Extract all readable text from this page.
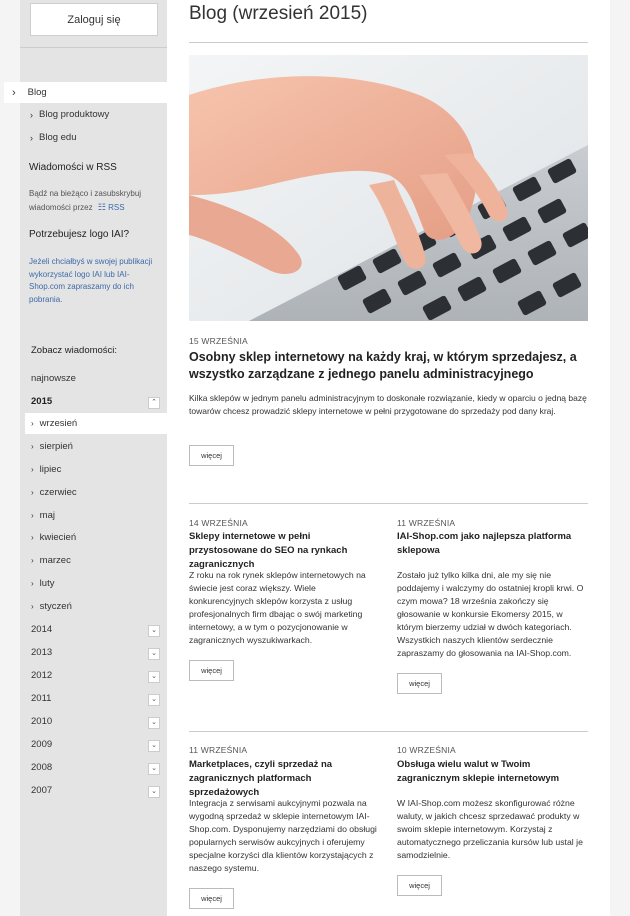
Zaloguj się
› Blog
› Blog produktowy
› Blog edu
Wiadomości w RSS
Bądź na bieżąco i zasubskrybuj
wiadomości przez ☷ RSS
Potrzebujesz logo IAI?
Jeżeli chciałbyś w swojej publikacji wykorzystać logo IAI lub IAI-Shop.com zapraszamy do ich pobrania.
Zobacz wiadomości:
najnowsze
2015	⌃
› wrzesień
› sierpień
› lipiec
› czerwiec
› maj
› kwiecień
› marzec
› luty
› styczeń
2014	⌄
2013	⌄
2012	⌄
2011	⌄
2010	⌄
2009	⌄
2008	⌄
2007	⌄
Blog (wrzesień 2015)
15 WRZEŚNIA
Osobny sklep internetowy na każdy kraj, w którym sprzedajesz, a wszystko zarządzane z jednego panelu administracyjnego
Kilka sklepów w jednym panelu administracyjnym to doskonałe rozwiązanie, kiedy w oparciu o jedną bazę towarów chcesz prowadzić sklepy internetowe w pełni przygotowane do sprzedaży pod dany kraj.
więcej
14 WRZEŚNIA
Sklepy internetowe w pełni przystosowane do SEO na rynkach zagranicznych
Z roku na rok rynek sklepów internetowych na świecie jest coraz większy. Wiele konkurencyjnych sklepów korzysta z usług profesjonalnych firm dbając o swój marketing internetowy, a w tym o pozycjonowanie w zagranicznych wyszukiwarkach.
więcej
11 WRZEŚNIA
IAI-Shop.com jako najlepsza platforma sklepowa
Zostało już tylko kilka dni, ale my się nie poddajemy i walczymy do ostatniej kropli krwi. O czym mowa? 18 września zakończy się głosowanie w konkursie Ekomersy 2015, w którym bierzemy udział w dwóch kategoriach. Wszystkich naszych klientów serdecznie zapraszamy do głosowania na IAI-Shop.com.
więcej
11 WRZEŚNIA
Marketplaces, czyli sprzedaż na zagranicznych platformach sprzedażowych
Integracja z serwisami aukcyjnymi pozwala na wygodną sprzedaż w sklepie internetowym IAI-Shop.com. Dysponujemy narzędziami do obsługi popularnych serwisów aukcyjnych i oferujemy specjalne korzyści dla klientów korzystających z naszego systemu.
więcej
10 WRZEŚNIA
Obsługa wielu walut w Twoim zagranicznym sklepie internetowym
W IAI-Shop.com możesz skonfigurować różne waluty, w jakich chcesz sprzedawać produkty w swoim sklepie internetowym. Korzystaj z automatycznego przeliczania kursów lub ustal je samodzielnie.
więcej
